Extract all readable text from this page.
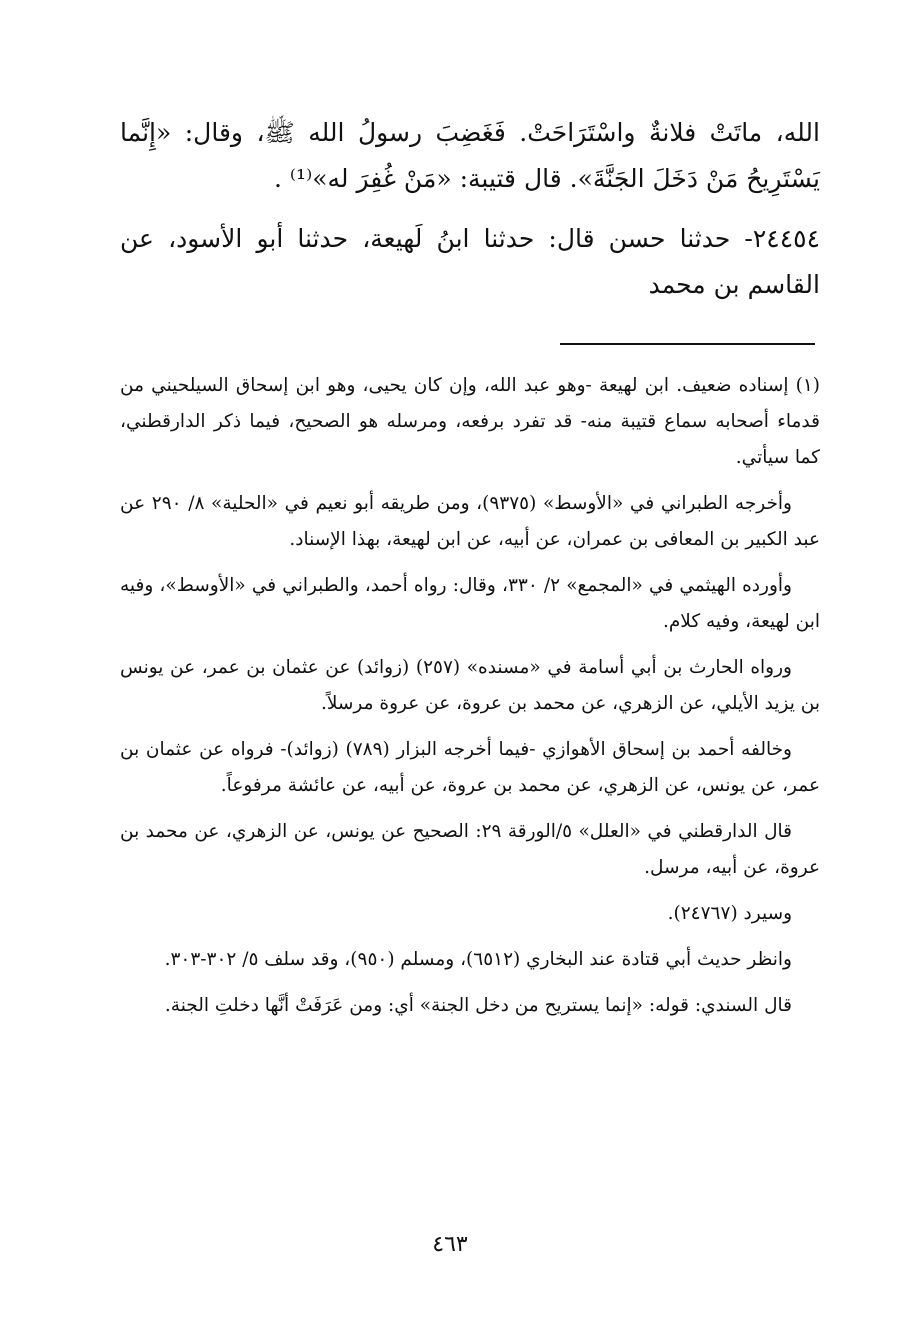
الله، ماتَتْ فلانةٌ واسْتَرَاحَتْ. فَغَضِبَ رسولُ الله ﷺ، وقال: «إِنَّما يَسْتَرِيحُ مَنْ دَخَلَ الجَنَّةَ». قال قتيبة: «مَنْ غُفِرَ له»⁽¹⁾ .

٢٤٤٥٤- حدثنا حسن قال: حدثنا ابنُ لَهيعة، حدثنا أبو الأسود، عن القاسم بن محمد

(١) إسناده ضعيف. ابن لهيعة -وهو عبد الله، وإن كان يحيى، وهو ابن إسحاق السيلحيني من قدماء أصحابه سماع قتيبة منه- قد تفرد برفعه، ومرسله هو الصحيح، فيما ذكر الدارقطني، كما سيأتي.

وأخرجه الطبراني في «الأوسط» (٩٣٧٥)، ومن طريقه أبو نعيم في «الحلية» ٨/ ٢٩٠ عن عبد الكبير بن المعافى بن عمران، عن أبيه، عن ابن لهيعة، بهذا الإسناد.

وأورده الهيثمي في «المجمع» ٢/ ٣٣٠، وقال: رواه أحمد، والطبراني في «الأوسط»، وفيه ابن لهيعة، وفيه كلام.

ورواه الحارث بن أبي أسامة في «مسنده» (٢٥٧) (زوائد) عن عثمان بن عمر، عن يونس بن يزيد الأيلي، عن الزهري، عن محمد بن عروة، عن عروة مرسلاً.

وخالفه أحمد بن إسحاق الأهوازي -فيما أخرجه البزار (٧٨٩) (زوائد)- فرواه عن عثمان بن عمر، عن يونس، عن الزهري، عن محمد بن عروة، عن أبيه، عن عائشة مرفوعاً.

قال الدارقطني في «العلل» ٥/الورقة ٢٩: الصحيح عن يونس، عن الزهري، عن محمد بن عروة، عن أبيه، مرسل.

وسيرد (٢٤٧٦٧).

وانظر حديث أبي قتادة عند البخاري (٦٥١٢)، ومسلم (٩٥٠)، وقد سلف ٥/ ٣٠٢-٣٠٣.

قال السندي: قوله: «إنما يستريح من دخل الجنة» أي: ومن عَرَفَتْ أنَّها دخلتِ الجنة.

٤٦٣
